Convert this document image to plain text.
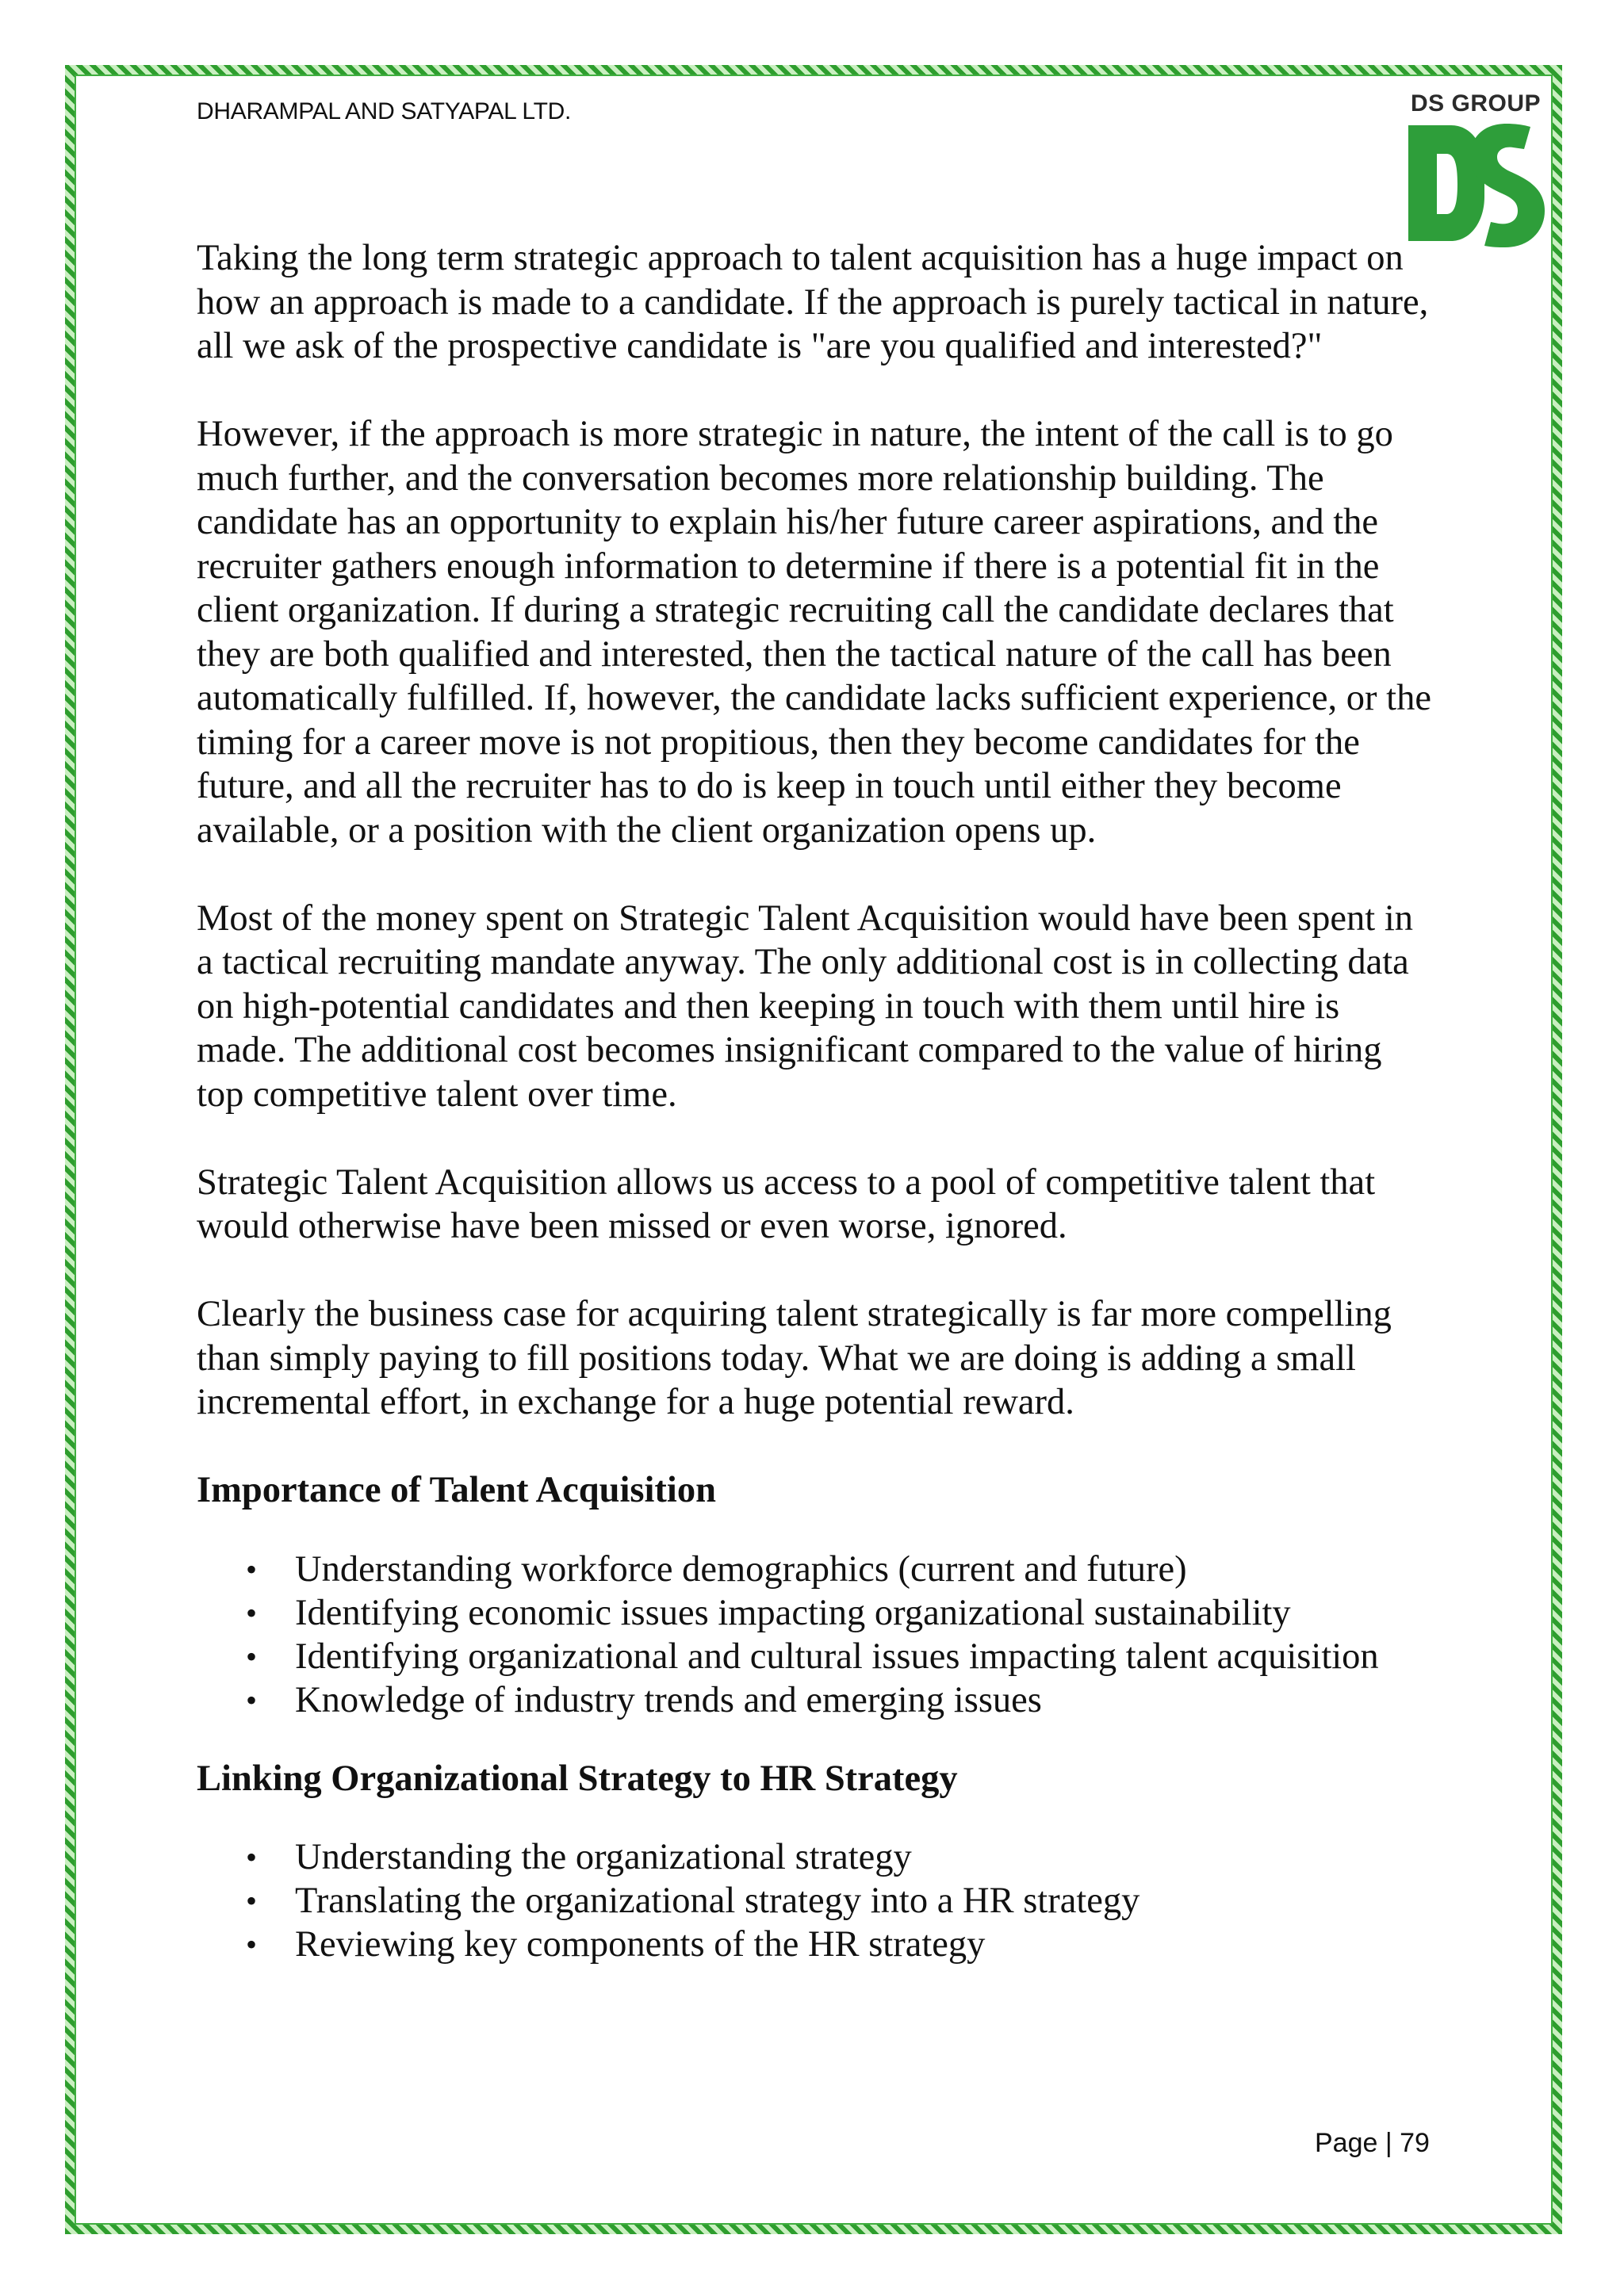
DHARAMPAL AND SATYAPAL LTD.	DS GROUP

Taking the long term strategic approach to talent acquisition has a huge impact on how an approach is made to a candidate. If the approach is purely tactical in nature, all we ask of the prospective candidate is "are you qualified and interested?"

However, if the approach is more strategic in nature, the intent of the call is to go much further, and the conversation becomes more relationship building. The candidate has an opportunity to explain his/her future career aspirations, and the recruiter gathers enough information to determine if there is a potential fit in the client organization. If during a strategic recruiting call the candidate declares that they are both qualified and interested, then the tactical nature of the call has been automatically fulfilled. If, however, the candidate lacks sufficient experience, or the timing for a career move is not propitious, then they become candidates for the future, and all the recruiter has to do is keep in touch until either they become available, or a position with the client organization opens up.

Most of the money spent on Strategic Talent Acquisition would have been spent in a tactical recruiting mandate anyway. The only additional cost is in collecting data on high-potential candidates and then keeping in touch with them until hire is made. The additional cost becomes insignificant compared to the value of hiring top competitive talent over time.

Strategic Talent Acquisition allows us access to a pool of competitive talent that would otherwise have been missed or even worse, ignored.

Clearly the business case for acquiring talent strategically is far more compelling than simply paying to fill positions today. What we are doing is adding a small incremental effort, in exchange for a huge potential reward.

Importance of Talent Acquisition
• Understanding workforce demographics (current and future)
• Identifying economic issues impacting organizational sustainability
• Identifying organizational and cultural issues impacting talent acquisition
• Knowledge of industry trends and emerging issues
Linking Organizational Strategy to HR Strategy
• Understanding the organizational strategy
• Translating the organizational strategy into a HR strategy
• Reviewing key components of the HR strategy
Page | 79
